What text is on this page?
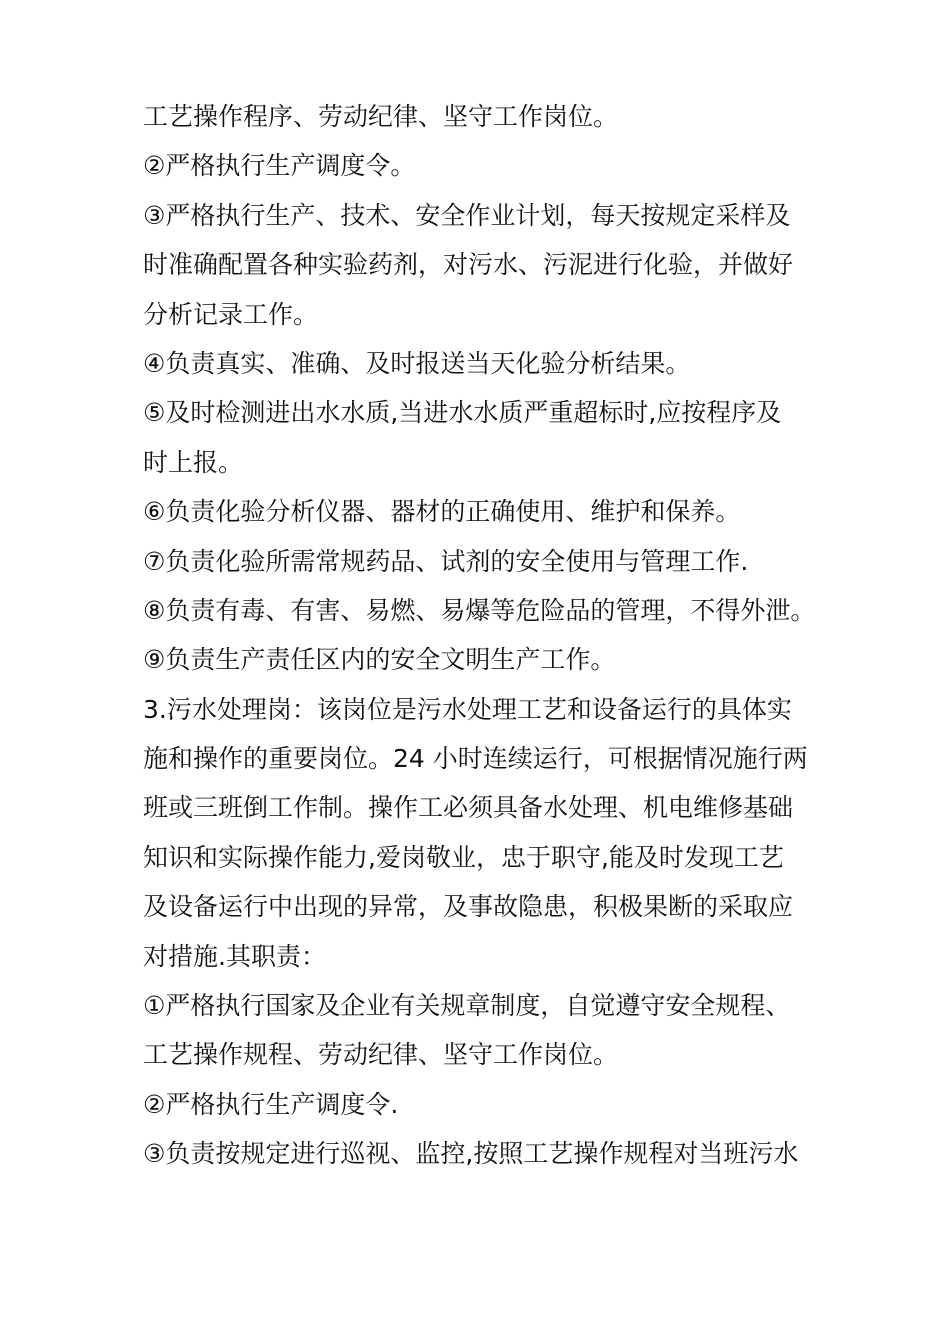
工艺操作程序、劳动纪律、坚守工作岗位。
②严格执行生产调度令。
③严格执行生产、技术、安全作业计划，每天按规定采样及
时准确配置各种实验药剂，对污水、污泥进行化验，并做好
分析记录工作。
④负责真实、准确、及时报送当天化验分析结果。
⑤及时检测进出水水质,当进水水质严重超标时,应按程序及
时上报。
⑥负责化验分析仪器、器材的正确使用、维护和保养。
⑦负责化验所需常规药品、试剂的安全使用与管理工作.
⑧负责有毒、有害、易燃、易爆等危险品的管理，不得外泄。
⑨负责生产责任区内的安全文明生产工作。
3.污水处理岗：该岗位是污水处理工艺和设备运行的具体实
施和操作的重要岗位。24 小时连续运行，可根据情况施行两
班或三班倒工作制。操作工必须具备水处理、机电维修基础
知识和实际操作能力,爱岗敬业，忠于职守,能及时发现工艺
及设备运行中出现的异常，及事故隐患，积极果断的采取应
对措施.其职责：
①严格执行国家及企业有关规章制度，自觉遵守安全规程、
工艺操作规程、劳动纪律、坚守工作岗位。
②严格执行生产调度令.
③负责按规定进行巡视、监控,按照工艺操作规程对当班污水
